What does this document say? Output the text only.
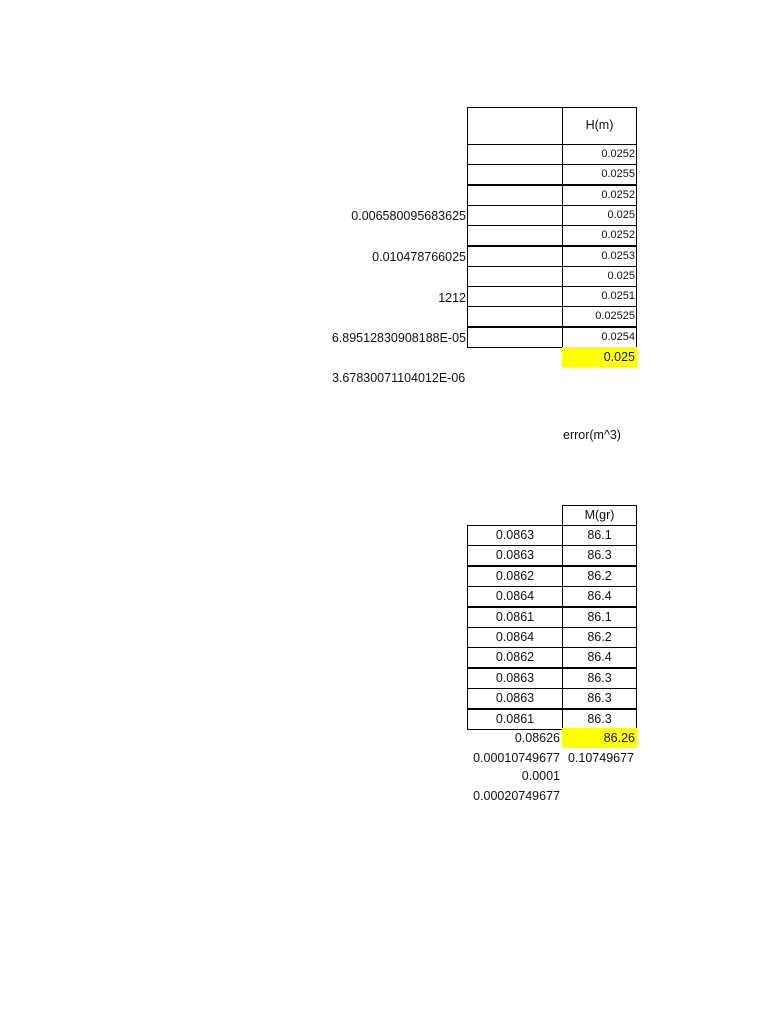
0.006580095683625
0.010478766025
1212
6.89512830908188E-05
3.67830071104012E-06
H(m)
0.0252
0.0255
0.0252
0.025
0.0252
0.0253
0.025
0.0251
0.02525
0.0254
0.025
error(m^3)
M(gr)
0.0863	86.1
0.0863	86.3
0.0862	86.2
0.0864	86.4
0.0861	86.1
0.0864	86.2
0.0862	86.4
0.0863	86.3
0.0863	86.3
0.0861	86.3
0.08626	86.26
0.00010749677 0.10749677
0.0001
0.00020749677
